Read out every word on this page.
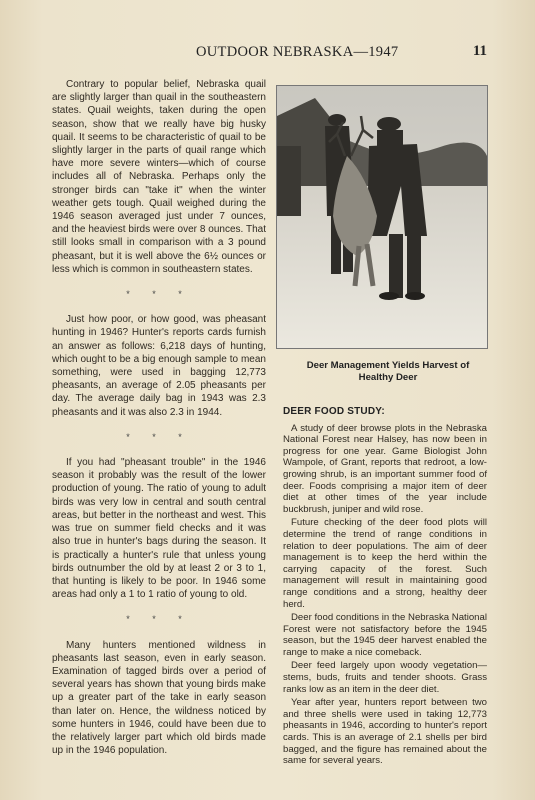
OUTDOOR NEBRASKA—1947	11

Contrary to popular belief, Nebraska quail are slightly larger than quail in the southeastern states. Quail weights, taken during the open season, show that we really have big husky quail. It seems to be characteristic of quail to be slightly larger in the parts of quail range which have more severe winters—which of course includes all of Nebraska. Perhaps only the stronger birds can "take it" when the winter weather gets tough. Quail weighed during the 1946 season averaged just under 7 ounces, and the heaviest birds were over 8 ounces. That still looks small in comparison with a 3 pound pheasant, but it is well above the 6½ ounces or less which is common in southeastern states.

* * *

Just how poor, or how good, was pheasant hunting in 1946? Hunter's reports cards furnish an answer as follows: 6,218 days of hunting, which ought to be a big enough sample to mean something, were used in bagging 12,773 pheasants, an average of 2.05 pheasants per day. The average daily bag in 1943 was 2.3 pheasants and it was also 2.3 in 1944.

* * *

If you had "pheasant trouble" in the 1946 season it probably was the result of the lower production of young. The ratio of young to adult birds was very low in central and south central areas, but better in the northeast and west. This was true on summer field checks and it was also true in hunter's bags during the season. It is practically a hunter's rule that unless young birds outnumber the old by at least 2 or 3 to 1, that hunting is likely to be poor. In 1946 some areas had only a 1 to 1 ratio of young to old.

* * *

Many hunters mentioned wildness in pheasants last season, even in early season. Examination of tagged birds over a period of several years has shown that young birds make up a greater part of the take in early season than later on. Hence, the wildness noticed by some hunters in 1946, could have been due to the relatively larger part which old birds made up in the 1946 population.

Deer Management Yields Harvest of Healthy Deer
DEER FOOD STUDY:

A study of deer browse plots in the Nebraska National Forest near Halsey, has now been in progress for one year. Game Biologist John Wampole, of Grant, reports that redroot, a low-growing shrub, is an important summer food of deer. Foods comprising a major item of deer diet at other times of the year include buckbrush, juniper and wild rose.

Future checking of the deer food plots will determine the trend of range conditions in relation to deer populations. The aim of deer management is to keep the herd within the carrying capacity of the forest. Such management will result in maintaining good range conditions and a strong, healthy deer herd.

Deer food conditions in the Nebraska National Forest were not satisfactory before the 1945 season, but the 1945 deer harvest enabled the range to make a nice comeback.

Deer feed largely upon woody vegetation—stems, buds, fruits and tender shoots. Grass ranks low as an item in the deer diet.

Year after year, hunters report between two and three shells were used in taking 12,773 pheasants in 1946, according to hunter's report cards. This is an average of 2.1 shells per bird bagged, and the figure has remained about the same for several years.
